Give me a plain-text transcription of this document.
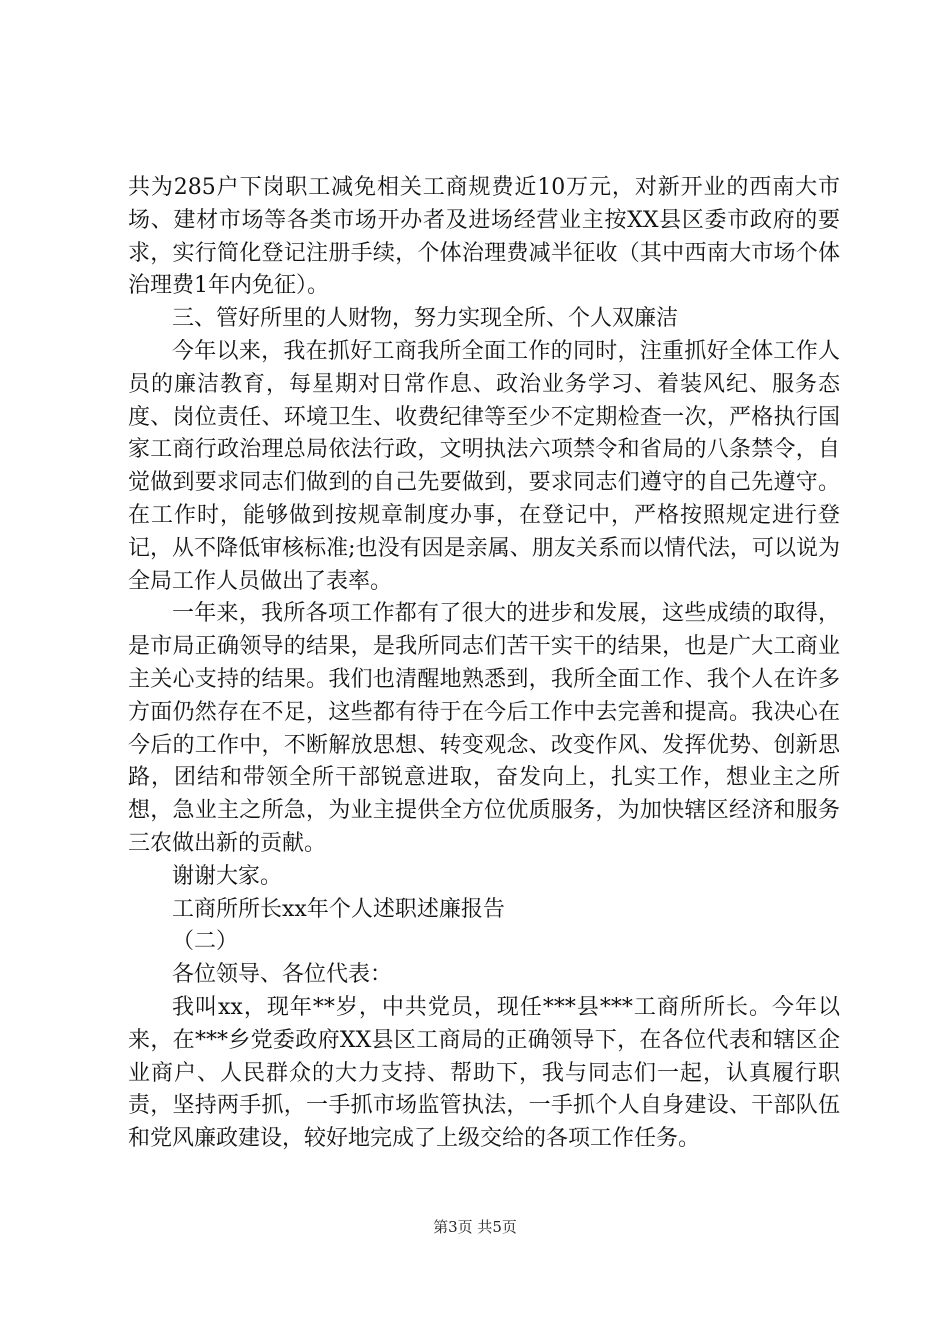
共为285户下岗职工减免相关工商规费近10万元，对新开业的西南大市场、建材市场等各类市场开办者及进场经营业主按XX县区委市政府的要求，实行简化登记注册手续，个体治理费减半征收（其中西南大市场个体治理费1年内免征）。

三、管好所里的人财物，努力实现全所、个人双廉洁

今年以来，我在抓好工商我所全面工作的同时，注重抓好全体工作人员的廉洁教育，每星期对日常作息、政治业务学习、着装风纪、服务态度、岗位责任、环境卫生、收费纪律等至少不定期检查一次，严格执行国家工商行政治理总局依法行政，文明执法六项禁令和省局的八条禁令，自觉做到要求同志们做到的自己先要做到，要求同志们遵守的自己先遵守。在工作时，能够做到按规章制度办事，在登记中，严格按照规定进行登记，从不降低审核标准;也没有因是亲属、朋友关系而以情代法，可以说为全局工作人员做出了表率。

一年来，我所各项工作都有了很大的进步和发展，这些成绩的取得，是市局正确领导的结果，是我所同志们苦干实干的结果，也是广大工商业主关心支持的结果。我们也清醒地熟悉到，我所全面工作、我个人在许多方面仍然存在不足，这些都有待于在今后工作中去完善和提高。我决心在今后的工作中，不断解放思想、转变观念、改变作风、发挥优势、创新思路，团结和带领全所干部锐意进取，奋发向上，扎实工作，想业主之所想，急业主之所急，为业主提供全方位优质服务，为加快辖区经济和服务三农做出新的贡献。

谢谢大家。

工商所所长xx年个人述职述廉报告

（二）

各位领导、各位代表：

我叫xx，现年**岁，中共党员，现任***县***工商所所长。今年以来，在***乡党委政府XX县区工商局的正确领导下，在各位代表和辖区企业商户、人民群众的大力支持、帮助下，我与同志们一起，认真履行职责，坚持两手抓，一手抓市场监管执法，一手抓个人自身建设、干部队伍和党风廉政建设，较好地完成了上级交给的各项工作任务。

第3页 共5页
